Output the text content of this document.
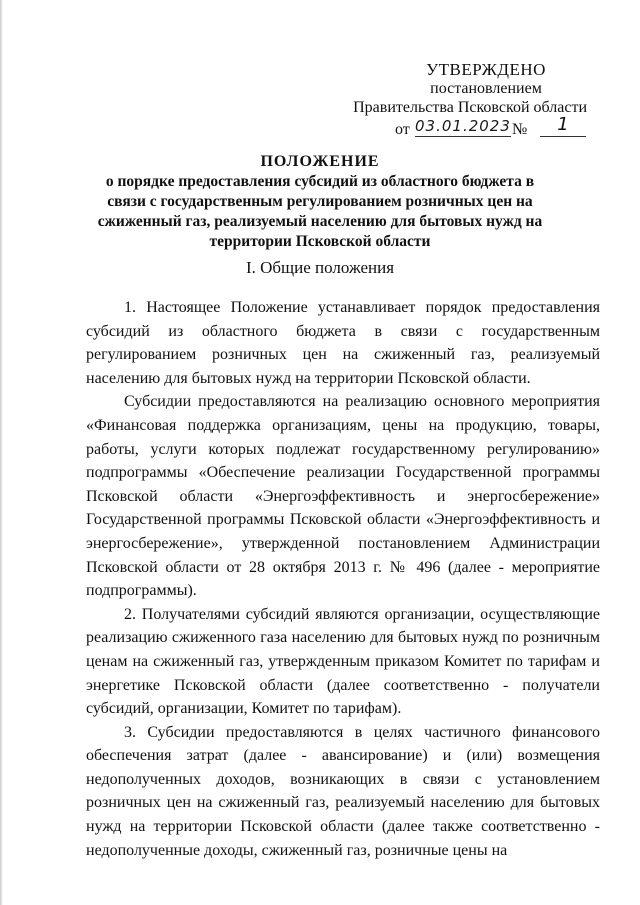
УТВЕРЖДЕНО
постановлением
Правительства Псковской области
от 03.01.2023 №	1
ПОЛОЖЕНИЕ
о порядке предоставления субсидий из областного бюджета в связи с государственным регулированием розничных цен на сжиженный газ, реализуемый населению для бытовых нужд на территории Псковской области
I. Общие положения

1. Настоящее Положение устанавливает порядок предоставления субсидий из областного бюджета в связи с государственным регулированием розничных цен на сжиженный газ, реализуемый населению для бытовых нужд на территории Псковской области.

Субсидии предоставляются на реализацию основного мероприятия «Финансовая поддержка организациям, цены на продукцию, товары, работы, услуги которых подлежат государственному регулированию» подпрограммы «Обеспечение реализации Государственной программы Псковской области «Энергоэффективность и энергосбережение» Государственной программы Псковской области «Энергоэффективность и энергосбережение», утвержденной постановлением Администрации Псковской области от 28 октября 2013 г. № 496 (далее - мероприятие подпрограммы).

2. Получателями субсидий являются организации, осуществляющие реализацию сжиженного газа населению для бытовых нужд по розничным ценам на сжиженный газ, утвержденным приказом Комитет по тарифам и энергетике Псковской области (далее соответственно - получатели субсидий, организации, Комитет по тарифам).

3. Субсидии предоставляются в целях частичного финансового обеспечения затрат (далее - авансирование) и (или) возмещения недополученных доходов, возникающих в связи с установлением розничных цен на сжиженный газ, реализуемый населению для бытовых нужд на территории Псковской области (далее также соответственно - недополученные доходы, сжиженный газ, розничные цены на
